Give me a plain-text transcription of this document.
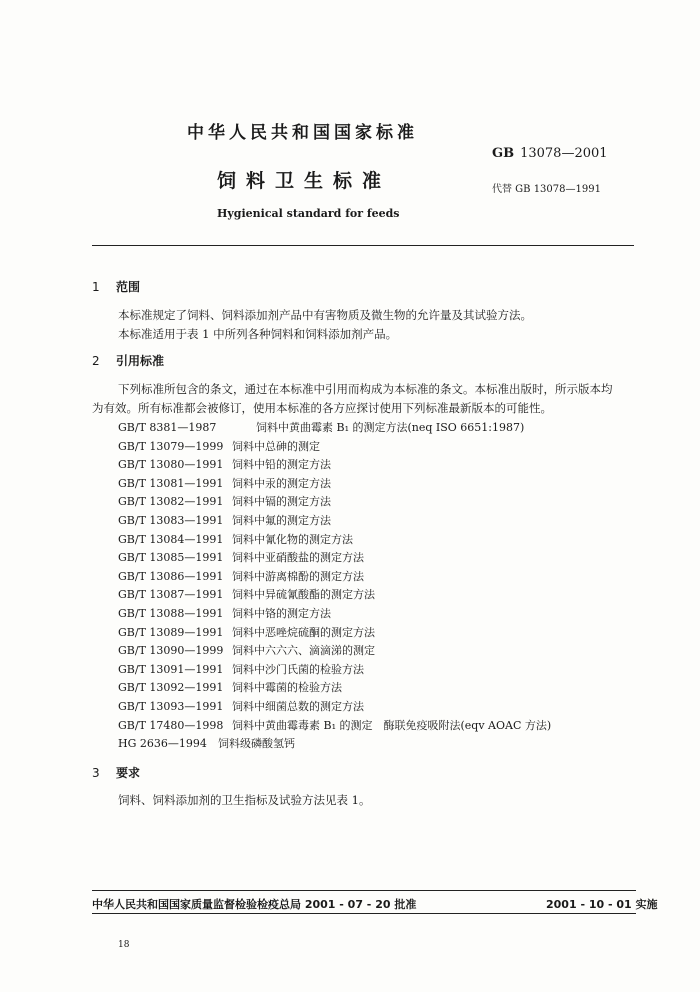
中华人民共和国国家标准
GB 13078—2001
饲料卫生标准	代替 GB 13078—1991
Hygienical standard for feeds
1 范围
本标准规定了饲料、饲料添加剂产品中有害物质及微生物的允许量及其试验方法。
本标准适用于表 1 中所列各种饲料和饲料添加剂产品。
2 引用标准
下列标准所包含的条文，通过在本标准中引用而构成为本标准的条文。本标准出版时，所示版本均
为有效。所有标准都会被修订，使用本标准的各方应探讨使用下列标准最新版本的可能性。
GB/T 8381—1987	饲料中黄曲霉素 B₁ 的测定方法(neq ISO 6651:1987)
GB/T 13079—1999 饲料中总砷的测定
GB/T 13080—1991 饲料中铅的测定方法
GB/T 13081—1991 饲料中汞的测定方法
GB/T 13082—1991 饲料中镉的测定方法
GB/T 13083—1991 饲料中氟的测定方法
GB/T 13084—1991 饲料中氰化物的测定方法
GB/T 13085—1991 饲料中亚硝酸盐的测定方法
GB/T 13086—1991 饲料中游离棉酚的测定方法
GB/T 13087—1991 饲料中异硫氰酸酯的测定方法
GB/T 13088—1991 饲料中铬的测定方法
GB/T 13089—1991 饲料中恶唑烷硫酮的测定方法
GB/T 13090—1999 饲料中六六六、滴滴涕的测定
GB/T 13091—1991 饲料中沙门氏菌的检验方法
GB/T 13092—1991 饲料中霉菌的检验方法
GB/T 13093—1991 饲料中细菌总数的测定方法
GB/T 17480—1998 饲料中黄曲霉毒素 B₁ 的测定　酶联免疫吸附法(eqv AOAC 方法)
HG 2636—1994	饲料级磷酸氢钙
3 要求
饲料、饲料添加剂的卫生指标及试验方法见表 1。
中华人民共和国国家质量监督检验检疫总局 2001 - 07 - 20 批准	2001 - 10 - 01 实施
18
